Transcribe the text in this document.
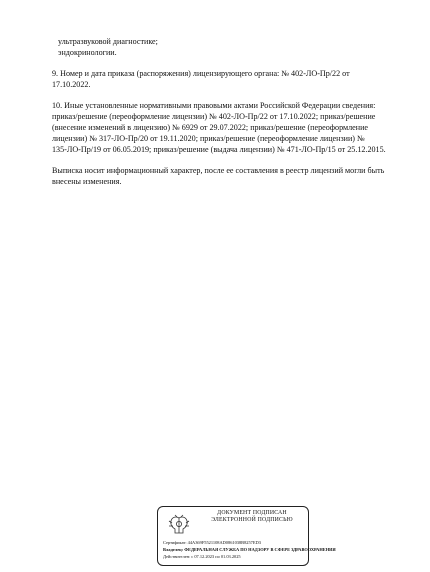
ультразвуковой диагностике;
эндокринологии.
9. Номер и дата приказа (распоряжения) лицензирующего органа: № 402-ЛО-Пр/22 от
17.10.2022.
10. Иные установленные нормативными правовыми актами Российской Федерации сведения:
приказ/решение (переоформление лицензии) № 402-ЛО-Пр/22 от 17.10.2022; приказ/решение
(внесение изменений в лицензию) № 6929 от 29.07.2022; приказ/решение (переоформление
лицензии) № 317-ЛО-Пр/20 от 19.11.2020; приказ/решение (переоформление лицензии) №
135-ЛО-Пр/19 от 06.05.2019; приказ/решение (выдача лицензии) № 471-ЛО-Пр/15 от 25.12.2015.
Выписка носит информационный характер, после ее составления в реестр лицензий могли быть
внесены изменения.
ДОКУМЕНТ ПОДПИСАН
ЭЛЕКТРОННОЙ ПОДПИСЬЮ
Сертификат: 44A369F5521108AD0861038B8257ED3
Владелец: ФЕДЕРАЛЬНАЯ СЛУЖБА ПО НАДЗОРУ В СФЕРЕ ЗДРАВООХРАНЕНИЯ
Действителен: с 07.12.2023 по 01.03.2025
